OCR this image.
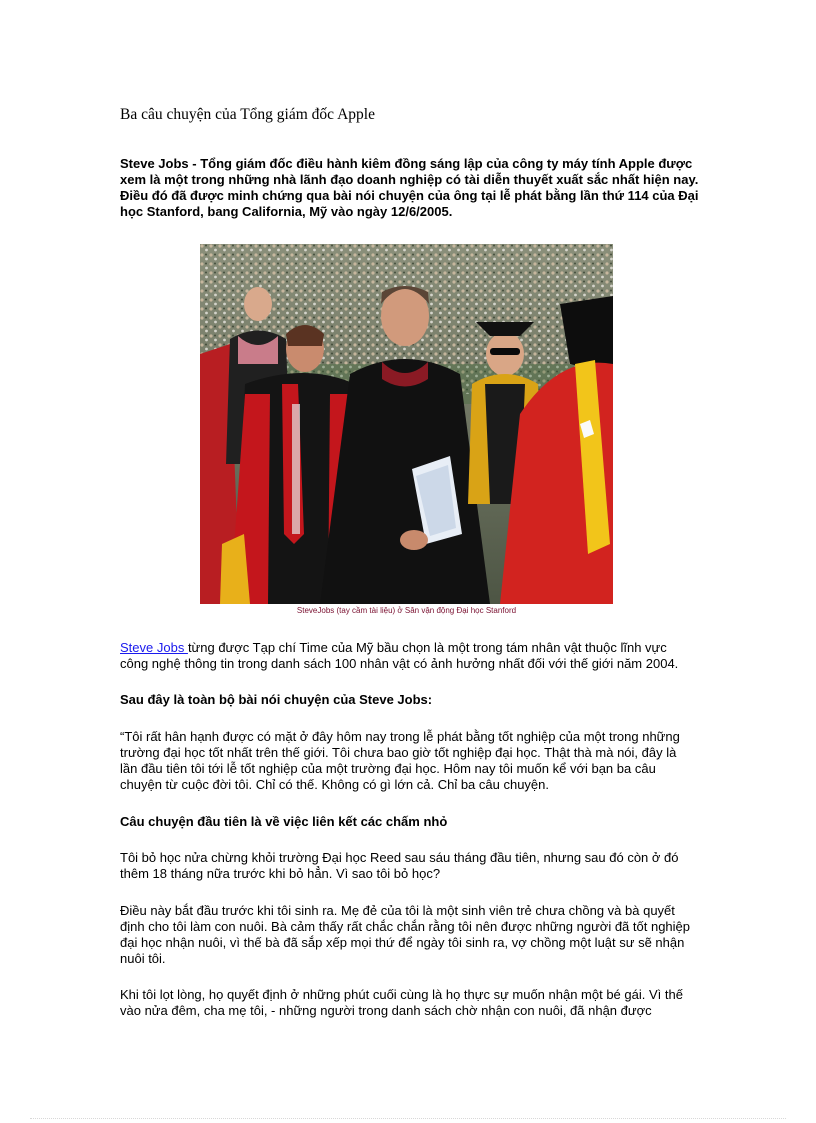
Ba câu chuyện của Tổng giám đốc Apple
Steve Jobs - Tổng giám đốc điều hành kiêm đồng sáng lập của công ty máy tính Apple được xem là một trong những nhà lãnh đạo doanh nghiệp có tài diễn thuyết xuất sắc nhất hiện nay. Điều đó đã được minh chứng qua bài nói chuyện của ông tại lễ phát bằng lần thứ 114 của Đại học Stanford, bang California, Mỹ vào ngày 12/6/2005.
SteveJobs (tay cầm tài liệu) ở Sân vận động Đại học Stanford
Steve Jobs từng được Tạp chí Time của Mỹ bầu chọn là một trong tám nhân vật thuộc lĩnh vực công nghệ thông tin trong danh sách 100 nhân vật có ảnh hưởng nhất đối với thế giới năm 2004.
Sau đây là toàn bộ bài nói chuyện của Steve Jobs:
“Tôi rất hân hạnh được có mặt ở đây hôm nay trong lễ phát bằng tốt nghiệp của một trong những trường đại học tốt nhất trên thế giới. Tôi chưa bao giờ tốt nghiệp đại học. Thật thà mà nói, đây là lần đầu tiên tôi tới lễ tốt nghiệp của một trường đại học. Hôm nay tôi muốn kể với bạn ba câu chuyện từ cuộc đời tôi. Chỉ có thế. Không có gì lớn cả. Chỉ ba câu chuyện.
Câu chuyện đầu tiên là về việc liên kết các chấm nhỏ
Tôi bỏ học nửa chừng khỏi trường Đại học Reed sau sáu tháng đầu tiên, nhưng sau đó còn ở đó thêm 18 tháng nữa trước khi bỏ hẳn. Vì sao tôi bỏ học?
Điều này bắt đầu trước khi tôi sinh ra. Mẹ đẻ của tôi là một sinh viên trẻ chưa chồng và bà quyết định cho tôi làm con nuôi. Bà cảm thấy rất chắc chắn rằng tôi nên được những người đã tốt nghiệp đại học nhận nuôi, vì thế bà đã sắp xếp mọi thứ để ngày tôi sinh ra, vợ chồng một luật sư sẽ nhận nuôi tôi.
Khi tôi lọt lòng, họ quyết định ở những phút cuối cùng là họ thực sự muốn nhận một bé gái. Vì thế vào nửa đêm, cha mẹ tôi, - những người trong danh sách chờ nhận con nuôi, đã nhận được
